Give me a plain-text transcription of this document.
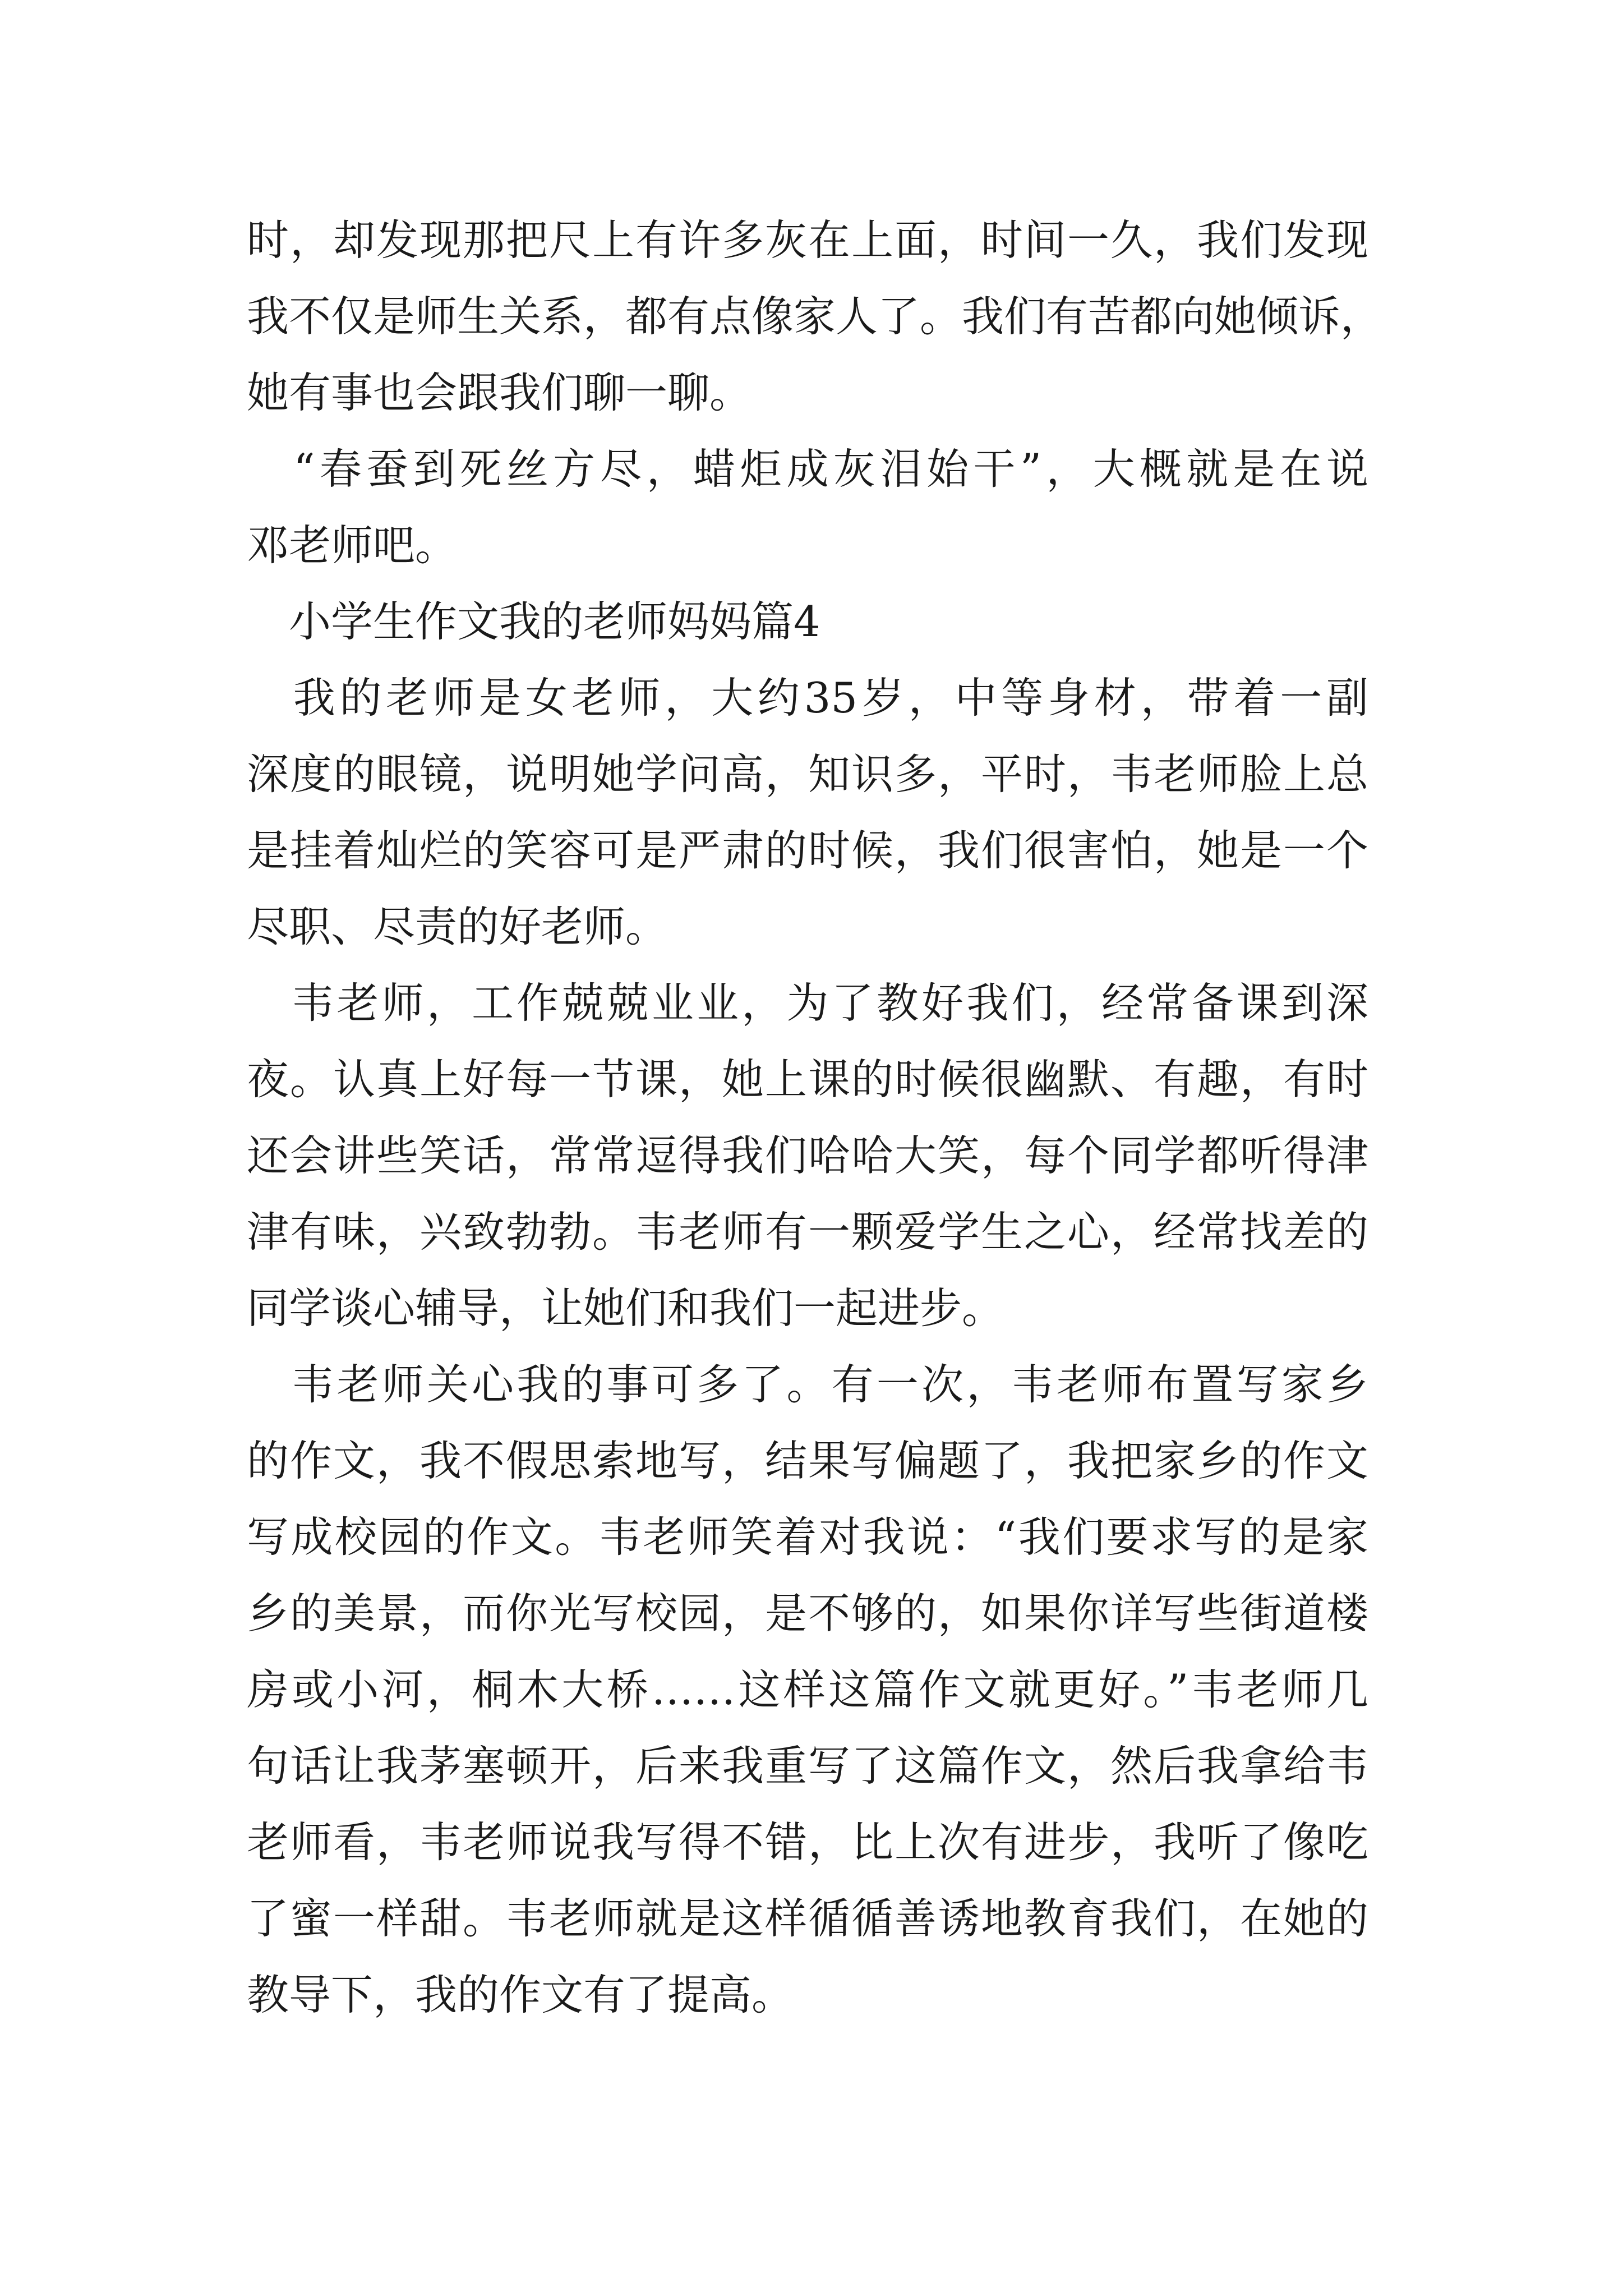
时，却发现那把尺上有许多灰在上面，时间一久，我们发现
我不仅是师生关系，都有点像家人了。我们有苦都向她倾诉，
她有事也会跟我们聊一聊。
　“春蚕到死丝方尽，蜡炬成灰泪始干”，大概就是在说
邓老师吧。
　小学生作文我的老师妈妈篇4
　我的老师是女老师，大约35岁，中等身材，带着一副
深度的眼镜，说明她学问高，知识多，平时，韦老师脸上总
是挂着灿烂的笑容可是严肃的时候，我们很害怕，她是一个
尽职、尽责的好老师。
　韦老师，工作兢兢业业，为了教好我们，经常备课到深
夜。认真上好每一节课，她上课的时候很幽默、有趣，有时
还会讲些笑话，常常逗得我们哈哈大笑，每个同学都听得津
津有味，兴致勃勃。韦老师有一颗爱学生之心，经常找差的
同学谈心辅导，让她们和我们一起进步。
　韦老师关心我的事可多了。有一次，韦老师布置写家乡
的作文，我不假思索地写，结果写偏题了，我把家乡的作文
写成校园的作文。韦老师笑着对我说：“我们要求写的是家
乡的美景，而你光写校园，是不够的，如果你详写些街道楼
房或小河，桐木大桥……这样这篇作文就更好。”韦老师几
句话让我茅塞顿开，后来我重写了这篇作文，然后我拿给韦
老师看，韦老师说我写得不错，比上次有进步，我听了像吃
了蜜一样甜。韦老师就是这样循循善诱地教育我们，在她的
教导下，我的作文有了提高。
